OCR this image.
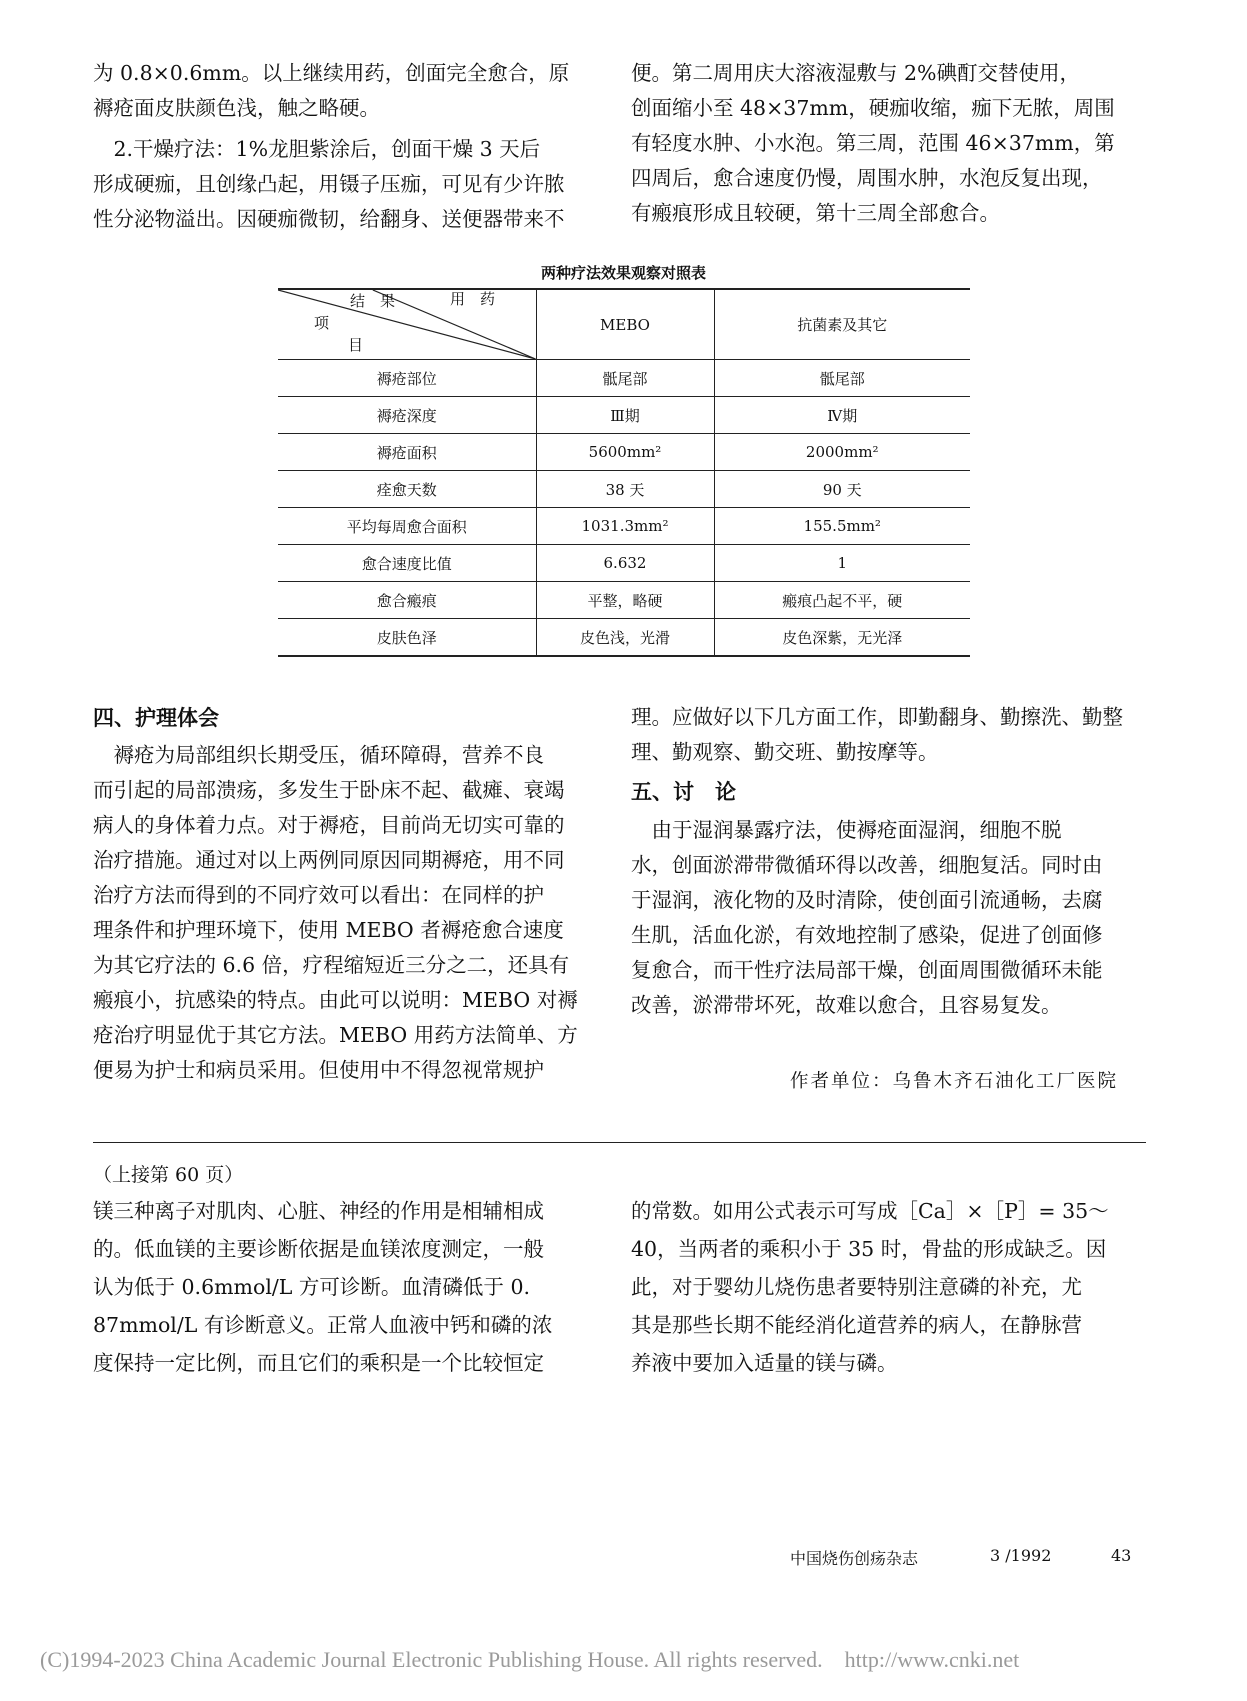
为 0.8×0.6mm。以上继续用药，创面完全愈合，原
褥疮面皮肤颜色浅，触之略硬。
　2.干燥疗法：1%龙胆紫涂后，创面干燥 3 天后
形成硬痂，且创缘凸起，用镊子压痂，可见有少许脓
性分泌物溢出。因硬痂微韧，给翻身、送便器带来不
便。第二周用庆大溶液湿敷与 2%碘酊交替使用，
创面缩小至 48×37mm，硬痂收缩，痂下无脓，周围
有轻度水肿、小水泡。第三周，范围 46×37mm，第
四周后，愈合速度仍慢，周围水肿，水泡反复出现，
有瘢痕形成且较硬，第十三周全部愈合。
两种疗法效果观察对照表
结　果 用　药
项
目	MEBO	抗菌素及其它
褥疮部位	骶尾部	骶尾部
褥疮深度	Ⅲ期	Ⅳ期
褥疮面积	5600mm²	2000mm²
痊愈天数	38 天	90 天
平均每周愈合面积	1031.3mm²	155.5mm²
愈合速度比值	6.632	1
愈合瘢痕	平整，略硬	瘢痕凸起不平，硬
皮肤色泽	皮色浅，光滑	皮色深紫，无光泽
四、护理体会
　褥疮为局部组织长期受压，循环障碍，营养不良
而引起的局部溃疡，多发生于卧床不起、截瘫、衰竭
病人的身体着力点。对于褥疮，目前尚无切实可靠的
治疗措施。通过对以上两例同原因同期褥疮，用不同
治疗方法而得到的不同疗效可以看出：在同样的护
理条件和护理环境下，使用 MEBO 者褥疮愈合速度
为其它疗法的 6.6 倍，疗程缩短近三分之二，还具有
瘢痕小，抗感染的特点。由此可以说明：MEBO 对褥
疮治疗明显优于其它方法。MEBO 用药方法简单、方
便易为护士和病员采用。但使用中不得忽视常规护
理。应做好以下几方面工作，即勤翻身、勤擦洗、勤整
理、勤观察、勤交班、勤按摩等。
五、讨　论
　由于湿润暴露疗法，使褥疮面湿润，细胞不脱
水，创面淤滞带微循环得以改善，细胞复活。同时由
于湿润，液化物的及时清除，使创面引流通畅，去腐
生肌，活血化淤，有效地控制了感染，促进了创面修
复愈合，而干性疗法局部干燥，创面周围微循环未能
改善，淤滞带坏死，故难以愈合，且容易复发。
作者单位：乌鲁木齐石油化工厂医院
（上接第 60 页）
镁三种离子对肌肉、心脏、神经的作用是相辅相成
的。低血镁的主要诊断依据是血镁浓度测定，一般
认为低于 0.6mmol/L 方可诊断。血清磷低于 0.
87mmol/L 有诊断意义。正常人血液中钙和磷的浓
度保持一定比例，而且它们的乘积是一个比较恒定
的常数。如用公式表示可写成［Ca］×［P］= 35～
40，当两者的乘积小于 35 时，骨盐的形成缺乏。因
此，对于婴幼儿烧伤患者要特别注意磷的补充，尤
其是那些长期不能经消化道营养的病人，在静脉营
养液中要加入适量的镁与磷。
中国烧伤创疡杂志	3 /1992	43
(C)1994-2023 China Academic Journal Electronic Publishing House. All rights reserved.　http://www.cnki.net
